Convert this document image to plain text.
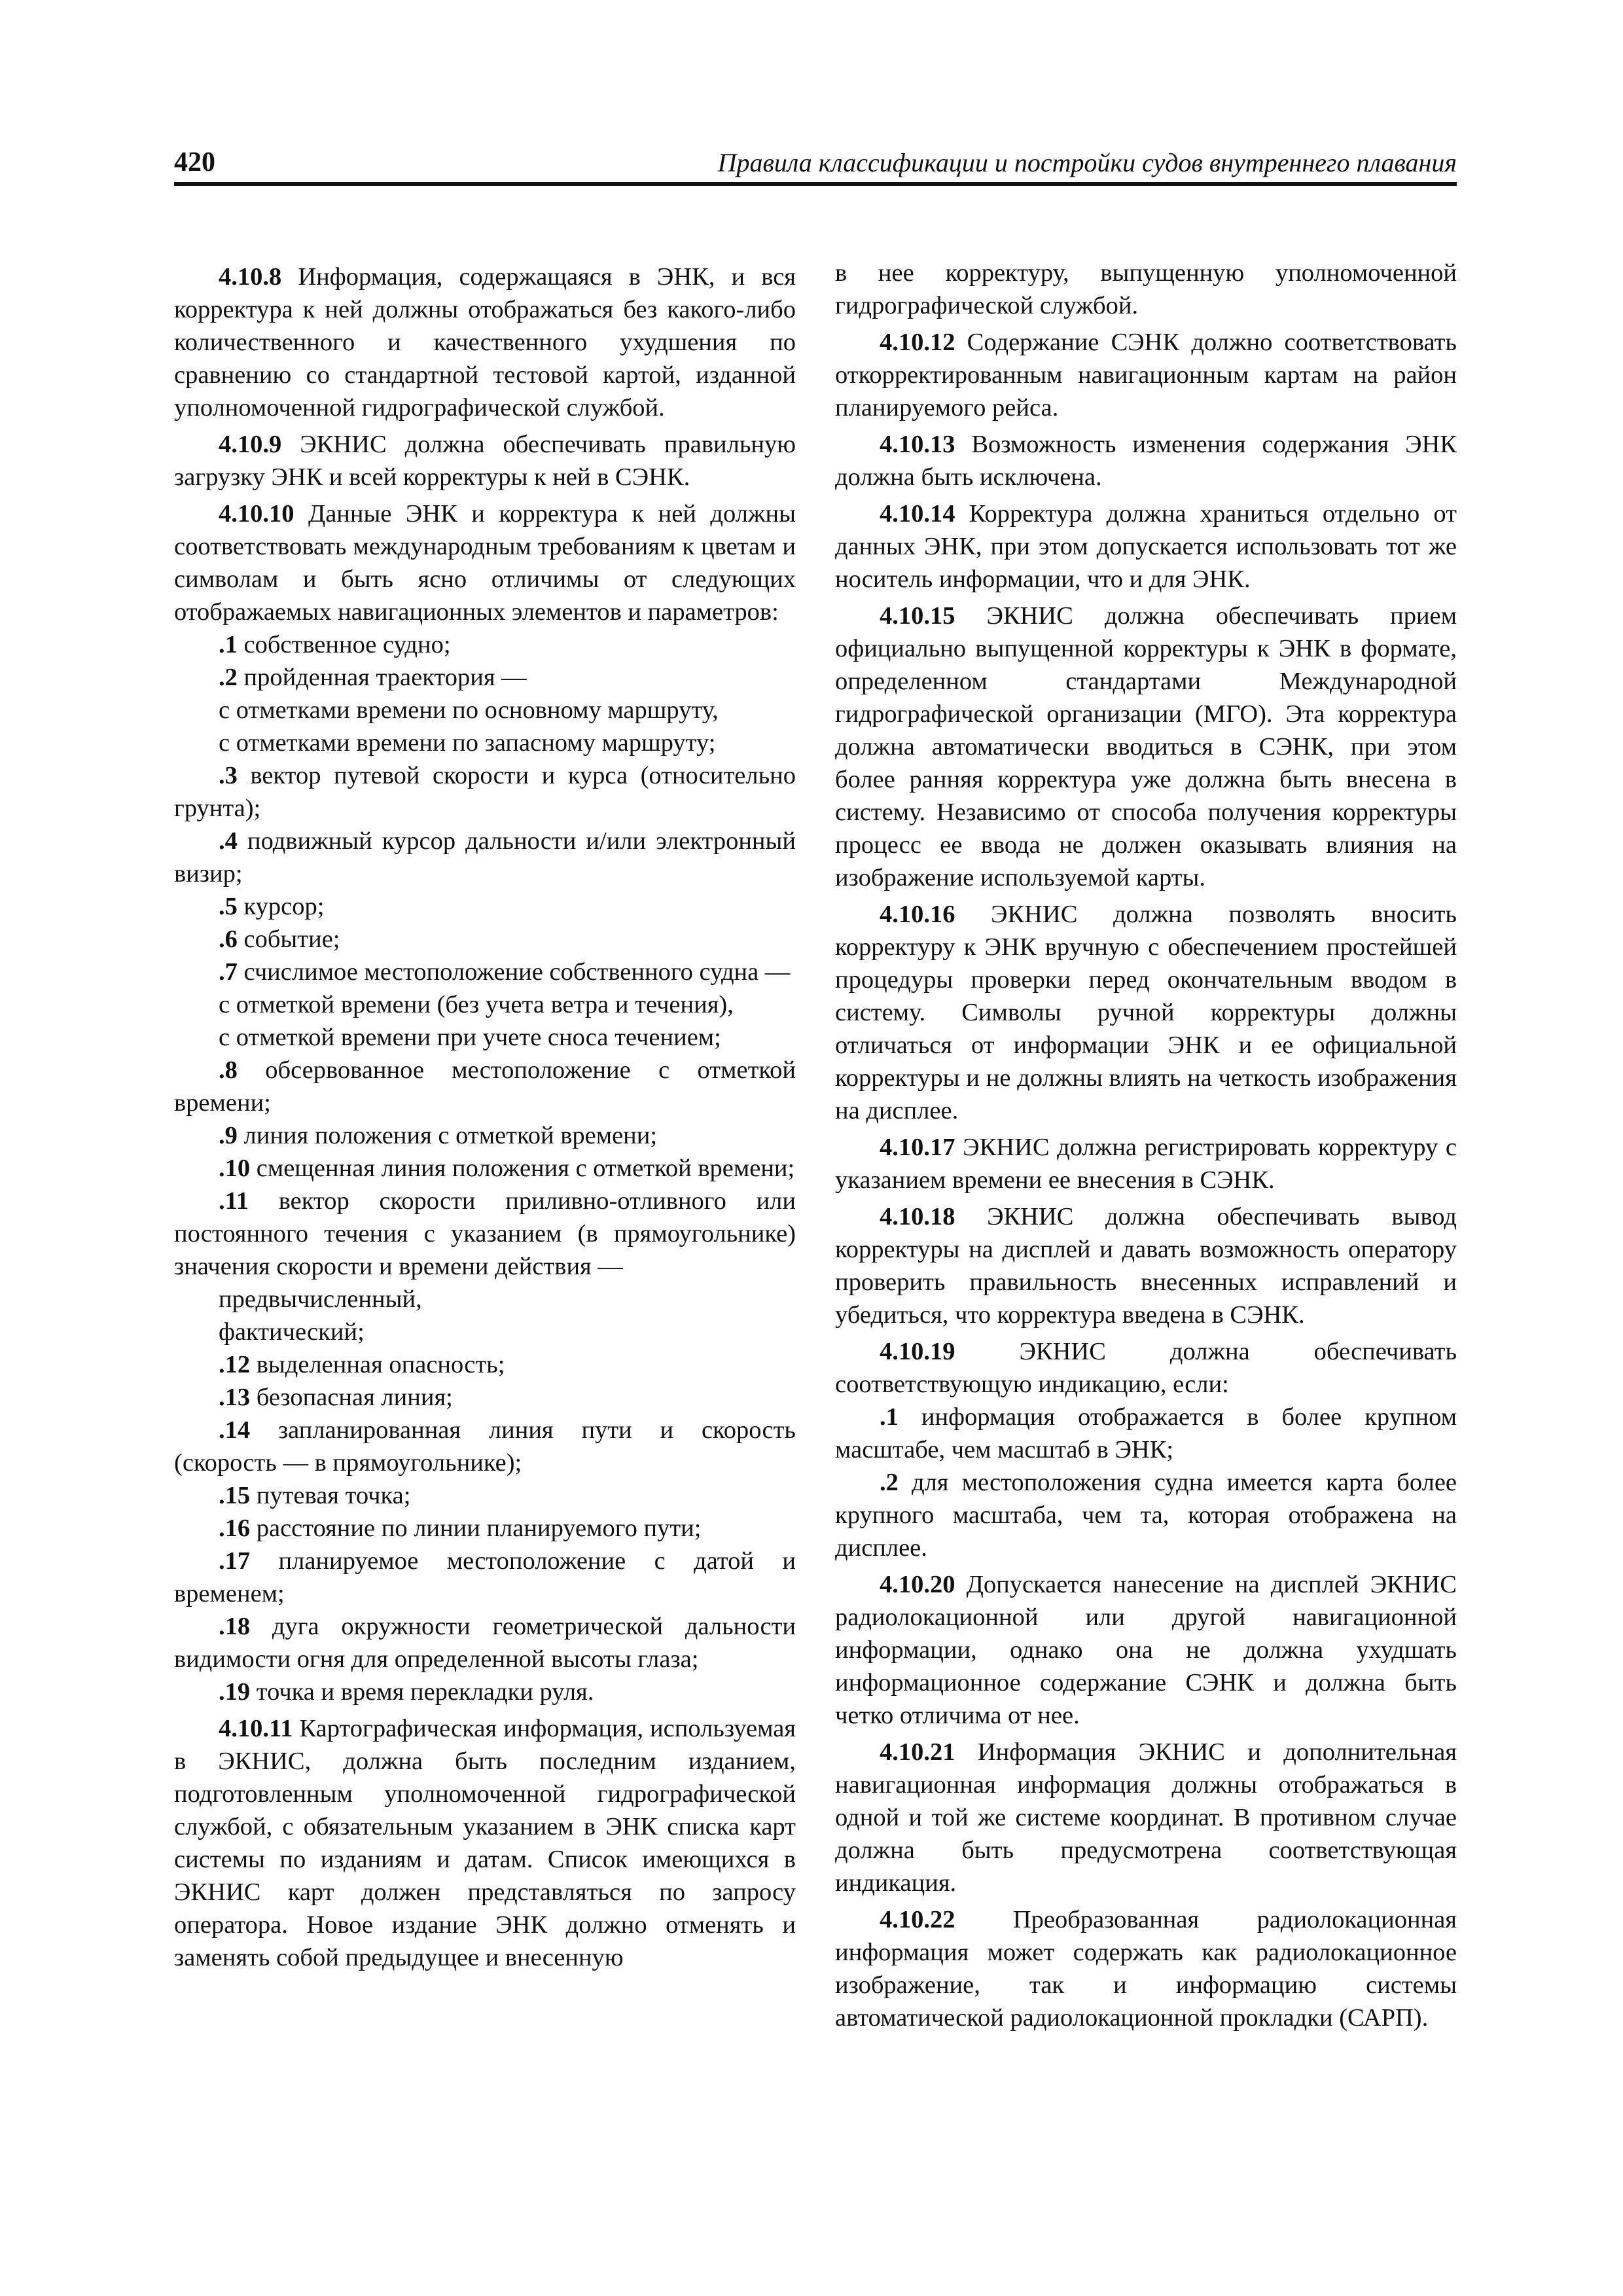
420	Правила классификации и постройки судов внутреннего плавания

4.10.8 Информация, содержащаяся в ЭНК, и вся корректура к ней должны отображаться без какого-либо количественного и качественного ухудшения по сравнению со стандартной тестовой картой, изданной уполномоченной гидрографической службой.

4.10.9 ЭКНИС должна обеспечивать правильную загрузку ЭНК и всей корректуры к ней в СЭНК.

4.10.10 Данные ЭНК и корректура к ней должны соответствовать международным требованиям к цветам и символам и быть ясно отличимы от следующих отображаемых навигационных элементов и параметров:

.1 собственное судно;

.2 пройденная траектория —

с отметками времени по основному маршруту,

с отметками времени по запасному маршруту;

.3 вектор путевой скорости и курса (относительно грунта);

.4 подвижный курсор дальности и/или электронный визир;

.5 курсор;

.6 событие;

.7 счислимое местоположение собственного судна —

с отметкой времени (без учета ветра и течения),

с отметкой времени при учете сноса течением;

.8 обсервованное местоположение с отметкой времени;

.9 линия положения с отметкой времени;

.10 смещенная линия положения с отметкой времени;

.11 вектор скорости приливно-отливного или постоянного течения с указанием (в прямоугольнике) значения скорости и времени действия —

предвычисленный,

фактический;

.12 выделенная опасность;

.13 безопасная линия;

.14 запланированная линия пути и скорость (скорость — в прямоугольнике);

.15 путевая точка;

.16 расстояние по линии планируемого пути;

.17 планируемое местоположение с датой и временем;

.18 дуга окружности геометрической дальности видимости огня для определенной высоты глаза;

.19 точка и время перекладки руля.

4.10.11 Картографическая информация, используемая в ЭКНИС, должна быть последним изданием, подготовленным уполномоченной гидрографической службой, с обязательным указанием в ЭНК списка карт системы по изданиям и датам. Список имеющихся в ЭКНИС карт должен представляться по запросу оператора. Новое издание ЭНК должно отменять и заменять собой предыдущее и внесенную

в нее корректуру, выпущенную уполномоченной гидрографической службой.

4.10.12 Содержание СЭНК должно соответствовать откорректированным навигационным картам на район планируемого рейса.

4.10.13 Возможность изменения содержания ЭНК должна быть исключена.

4.10.14 Корректура должна храниться отдельно от данных ЭНК, при этом допускается использовать тот же носитель информации, что и для ЭНК.

4.10.15 ЭКНИС должна обеспечивать прием официально выпущенной корректуры к ЭНК в формате, определенном стандартами Международной гидрографической организации (МГО). Эта корректура должна автоматически вводиться в СЭНК, при этом более ранняя корректура уже должна быть внесена в систему. Независимо от способа получения корректуры процесс ее ввода не должен оказывать влияния на изображение используемой карты.

4.10.16 ЭКНИС должна позволять вносить корректуру к ЭНК вручную с обеспечением простейшей процедуры проверки перед окончательным вводом в систему. Символы ручной корректуры должны отличаться от информации ЭНК и ее официальной корректуры и не должны влиять на четкость изображения на дисплее.

4.10.17 ЭКНИС должна регистрировать корректуру с указанием времени ее внесения в СЭНК.

4.10.18 ЭКНИС должна обеспечивать вывод корректуры на дисплей и давать возможность оператору проверить правильность внесенных исправлений и убедиться, что корректура введена в СЭНК.

4.10.19 ЭКНИС должна обеспечивать соответствующую индикацию, если:

.1 информация отображается в более крупном масштабе, чем масштаб в ЭНК;

.2 для местоположения судна имеется карта более крупного масштаба, чем та, которая отображена на дисплее.

4.10.20 Допускается нанесение на дисплей ЭКНИС радиолокационной или другой навигационной информации, однако она не должна ухудшать информационное содержание СЭНК и должна быть четко отличима от нее.

4.10.21 Информация ЭКНИС и дополнительная навигационная информация должны отображаться в одной и той же системе координат. В противном случае должна быть предусмотрена соответствующая индикация.

4.10.22 Преобразованная радиолокационная информация может содержать как радиолокационное изображение, так и информацию системы автоматической радиолокационной прокладки (САРП).
